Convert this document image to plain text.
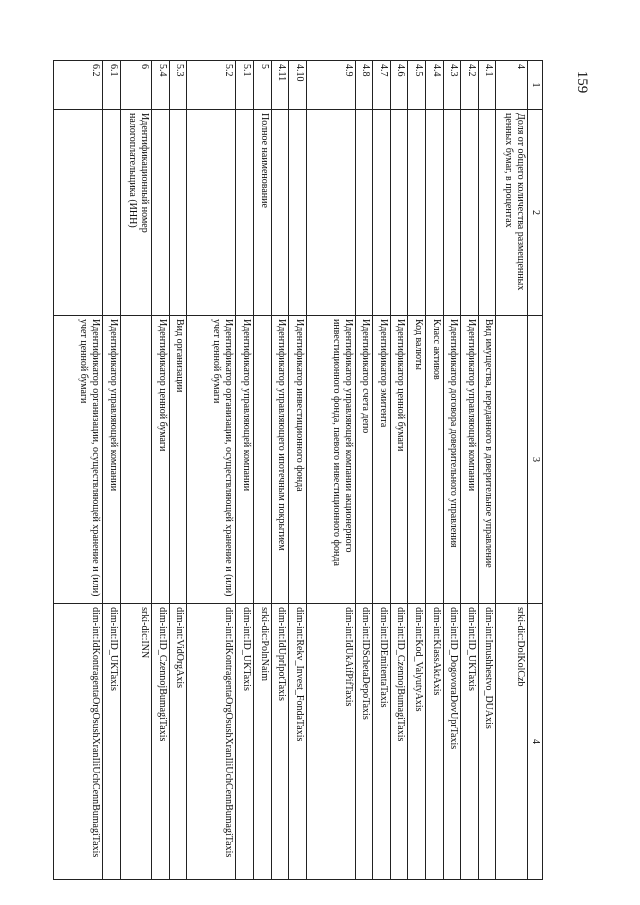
159
1	2	3	4
4	Доля от общего количества размещенных ценных бумаг, в процентах		srki-dic:DolKolCzb
4.1		Вид имущества, переданного в доверительное управление	dim-int:Imushhestvo_DUAxis
4.2		Идентификатор управляющей компании	dim-int:ID_UKTaxis
4.3		Идентификатор договора доверительного управления	dim-int:ID_DogovoraDovUprTaxis
4.4		Класс активов	dim-int:KlassAktAxis
4.5		Код валюты	dim-int:Kod_ValyutyAxis
4.6		Идентификатор ценной бумаги	dim-int:ID_CzennojBumagiTaxis
4.7		Идентификатор эмитента	dim-int:IDEmitentaTaxis
4.8		Идентификатор счета депо	dim-int:IDSchetaDepoTaxis
4.9		Идентификатор управляющей компании акционерного инвестиционного фонда, паевого инвестиционного фонда	dim-int:IdUkAifPifTaxis
4.10		Идентификатор инвестиционного фонда	dim-int:Rekv_Invest_FondaTaxis
4.11		Идентификатор управляющего ипотечным покрытием	dim-int:IdUprIpotTaxis
5	Полное наименование		srki-dic:PolnNaim
5.1		Идентификатор управляющей компании	dim-int:ID_UKTaxis
5.2		Идентификатор организации, осуществляющей хранение и (или) учет ценной бумаги	dim-int:IdKontragentaOrgOsushXranIliUchCennBumagiTaxis
5.3		Вид организации	dim-int:VidOrgAxis
5.4		Идентификатор ценной бумаги	dim-int:ID_CzennojBumagiTaxis
6	Идентификационный номер налогоплательщика (ИНН)		srki-dic:INN
6.1		Идентификатор управляющей компании	dim-int:ID_UKTaxis
6.2		Идентификатор организации, осуществляющей хранение и (или) учет ценной бумаги	dim-int:IdKontragentaOrgOsushXranIliUchCennBumagiTaxis
